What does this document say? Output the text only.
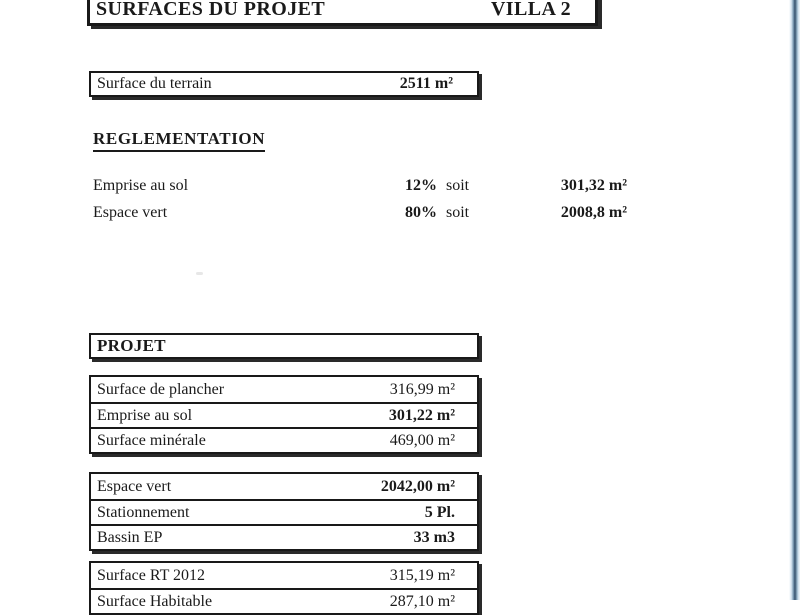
SURFACES DU PROJET	VILLA 2
Surface du terrain	2511 m²
REGLEMENTATION
Emprise au sol	12% soit	301,32 m²
Espace vert	80% soit	2008,8 m²
PROJET
Surface de plancher	316,99 m²
Emprise au sol	301,22 m²
Surface minérale	469,00 m²
Espace vert	2042,00 m²
Stationnement	5 Pl.
Bassin EP	33 m3
Surface RT 2012	315,19 m²
Surface Habitable	287,10 m²
